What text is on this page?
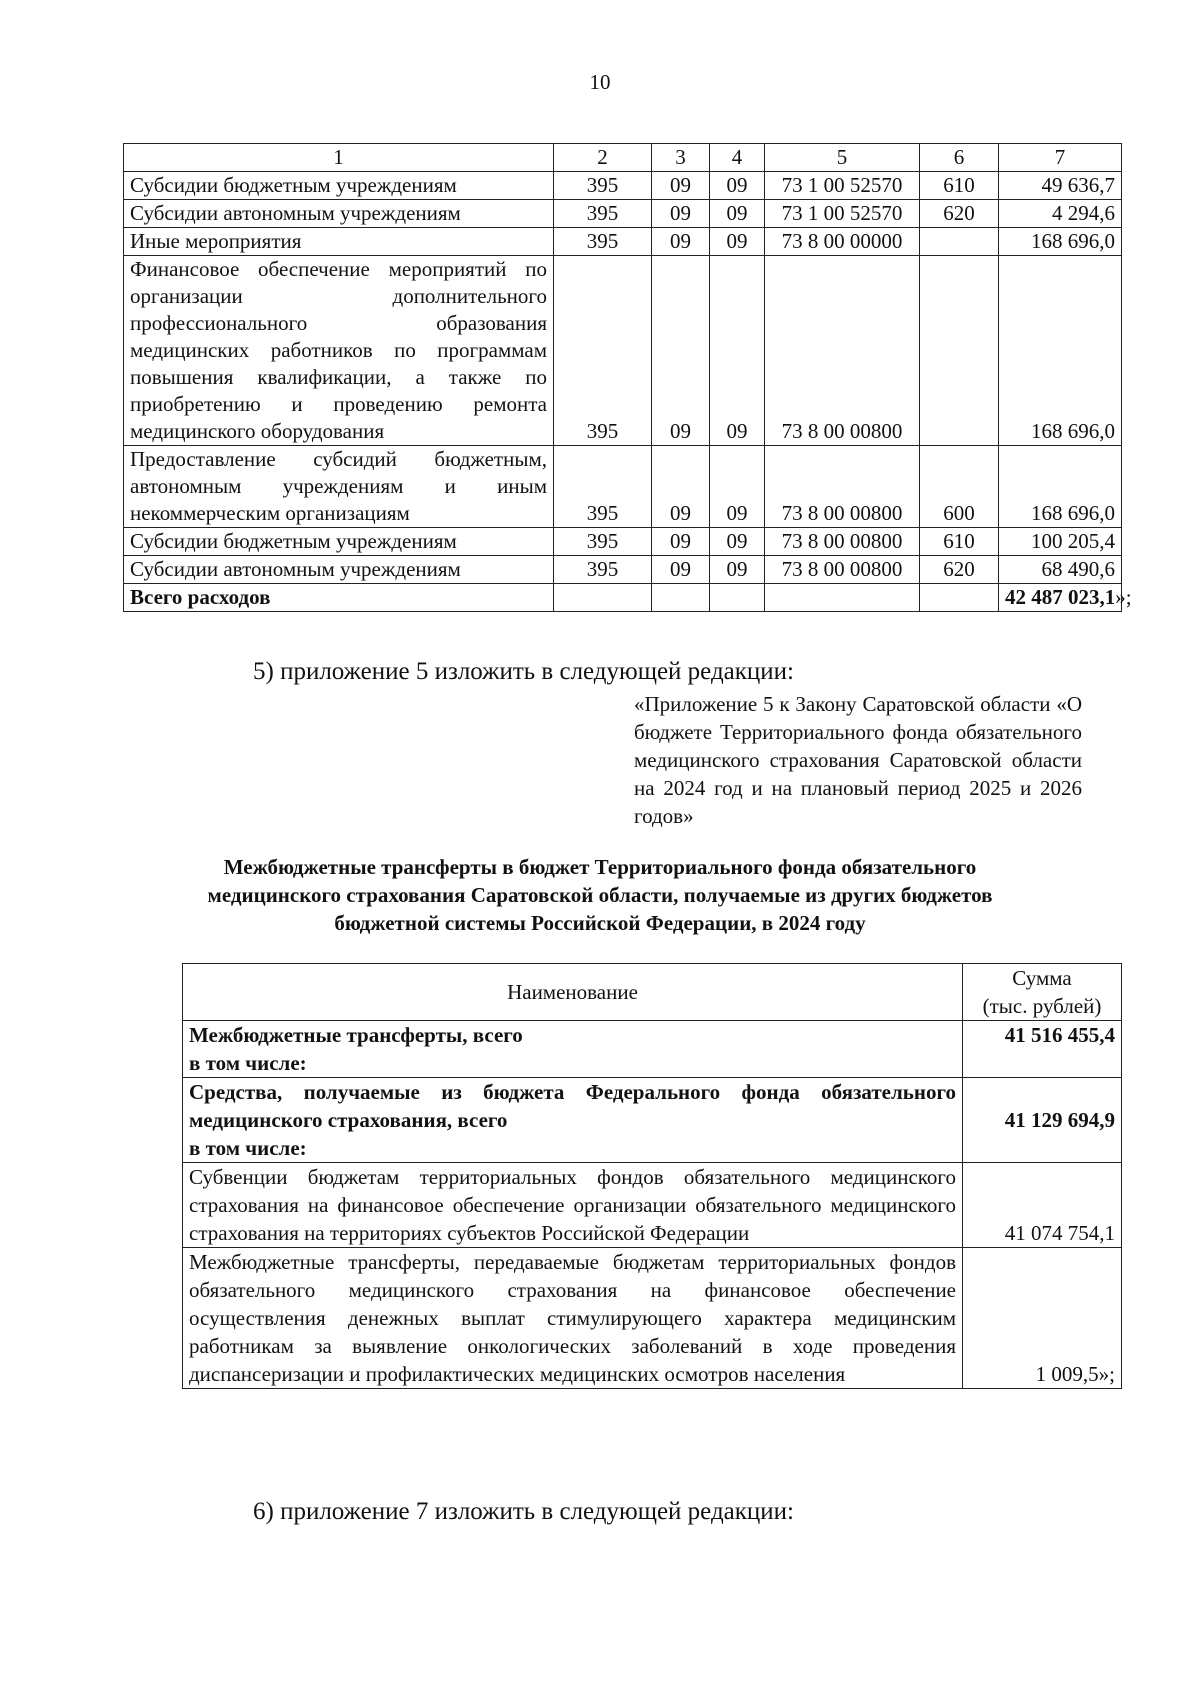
10
1	2	3	4	5	6	7
Субсидии бюджетным учреждениям	395	09	09	73 1 00 52570	610	49 636,7
Субсидии автономным учреждениям	395	09	09	73 1 00 52570	620	4 294,6
Иные мероприятия	395	09	09	73 8 00 00000		168 696,0
Финансовое обеспечение мероприятий по организации дополнительного профессионального образования медицинских работников по программам повышения квалификации, а также по приобретению и проведению ремонта медицинского оборудования	395	09	09	73 8 00 00800		168 696,0
Предоставление субсидий бюджетным, автономным учреждениям и иным некоммерческим организациям	395	09	09	73 8 00 00800	600	168 696,0
Субсидии бюджетным учреждениям	395	09	09	73 8 00 00800	610	100 205,4
Субсидии автономным учреждениям	395	09	09	73 8 00 00800	620	68 490,6
Всего расходов						42 487 023,1 »;
5) приложение 5 изложить в следующей редакции:
«Приложение 5 к Закону Саратовской области «О бюджете Территориального фонда обязательного медицинского страхования Саратовской области на 2024 год и на плановый период 2025 и 2026 годов»
Межбюджетные трансферты в бюджет Территориального фонда обязательного
медицинского страхования Саратовской области, получаемые из других бюджетов
бюджетной системы Российской Федерации, в 2024 году
Наименование	Сумма
(тыс. рублей)

Межбюджетные трансферты, всего
в том числе:	41 516 455,4

Средства, получаемые из бюджета Федерального фонда обязательного медицинского страхования, всего
в том числе:	41 129 694,9
Субвенции бюджетам территориальных фондов обязательного медицинского страхования на финансовое обеспечение организации обязательного медицинского страхования на территориях субъектов Российской Федерации	41 074 754,1
Межбюджетные трансферты, передаваемые бюджетам территориальных фондов обязательного медицинского страхования на финансовое обеспечение осуществления денежных выплат стимулирующего характера медицинским работникам за выявление онкологических заболеваний в ходе проведения диспансеризации и профилактических медицинских осмотров населения	1 009,5»;
6) приложение 7 изложить в следующей редакции:
